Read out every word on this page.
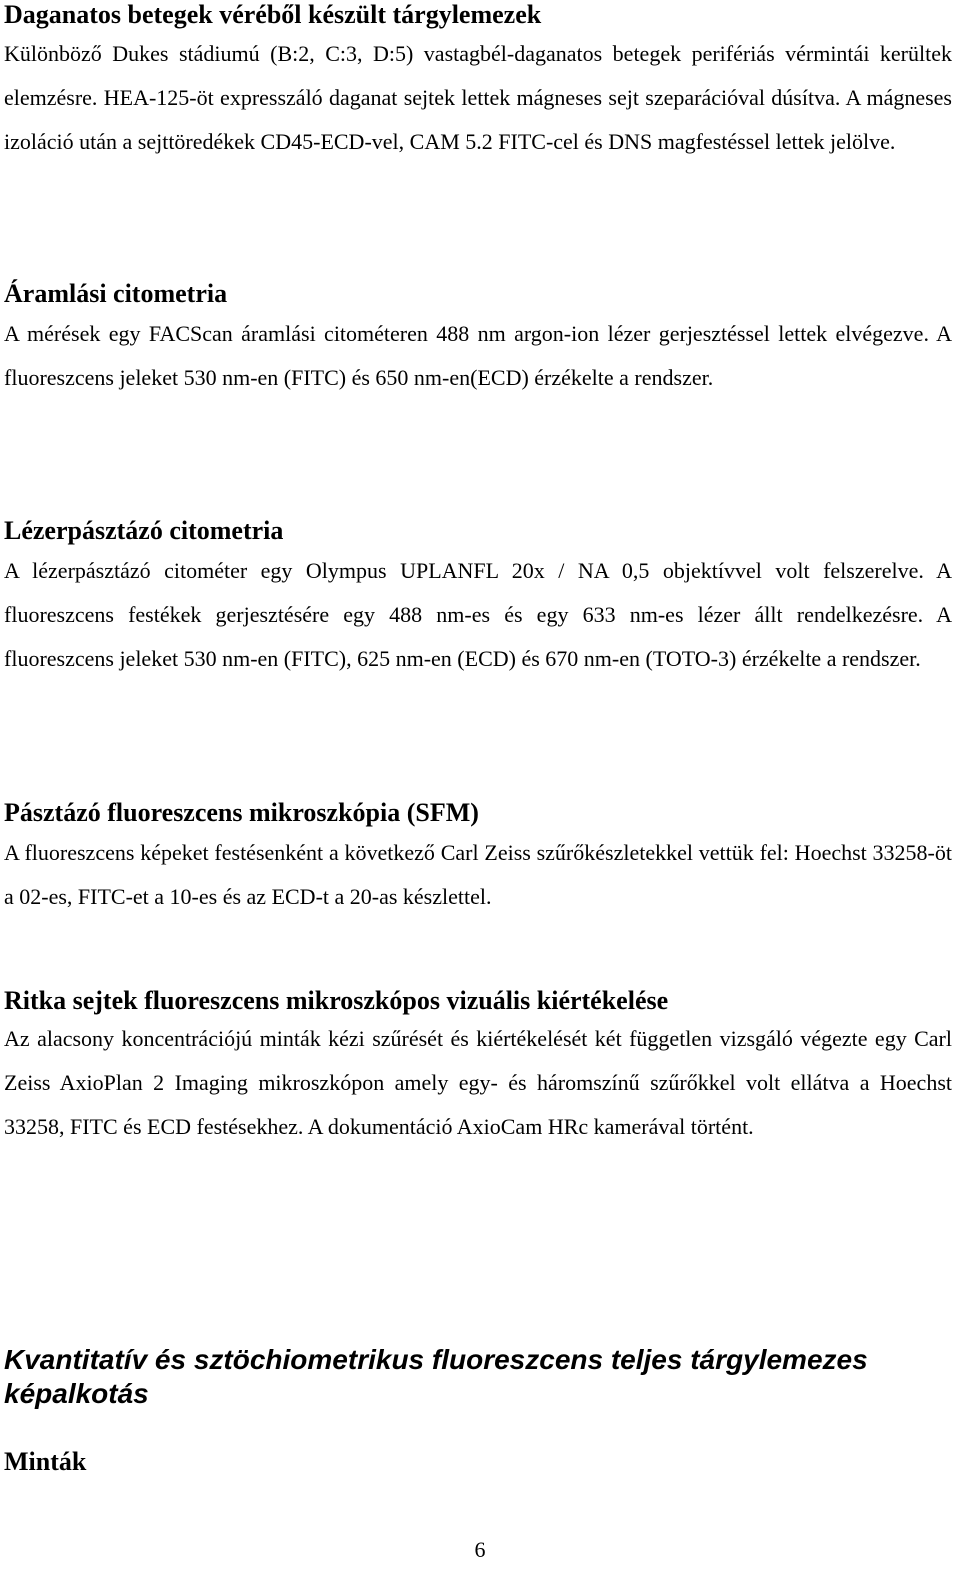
Daganatos betegek véréből készült tárgylemezek

Különböző Dukes stádiumú (B:2, C:3, D:5) vastagbél-daganatos betegek perifériás vérmintái kerültek elemzésre. HEA-125-öt expresszáló daganat sejtek lettek mágneses sejt szeparációval dúsítva. A mágneses izoláció után a sejttöredékek CD45-ECD-vel, CAM 5.2 FITC-cel és DNS magfestéssel lettek jelölve.

Áramlási citometria

A mérések egy FACScan áramlási citométeren 488 nm argon-ion lézer gerjesztéssel lettek elvégezve. A fluoreszcens jeleket 530 nm-en (FITC) és 650 nm-en(ECD) érzékelte a rendszer.

Lézerpásztázó citometria

A lézerpásztázó citométer egy Olympus UPLANFL 20x / NA 0,5 objektívvel volt felszerelve. A fluoreszcens festékek gerjesztésére egy 488 nm-es és egy 633 nm-es lézer állt rendelkezésre. A fluoreszcens jeleket 530 nm-en (FITC), 625 nm-en (ECD) és 670 nm-en (TOTO-3) érzékelte a rendszer.

Pásztázó fluoreszcens mikroszkópia (SFM)

A fluoreszcens képeket festésenként a következő Carl Zeiss szűrőkészletekkel vettük fel: Hoechst 33258-öt a 02-es, FITC-et a 10-es és az ECD-t a 20-as készlettel.

Ritka sejtek fluoreszcens mikroszkópos vizuális kiértékelése

Az alacsony koncentrációjú minták kézi szűrését és kiértékelését két független vizsgáló végezte egy Carl Zeiss AxioPlan 2 Imaging mikroszkópon amely egy- és háromszínű szűrőkkel volt ellátva a Hoechst 33258, FITC és ECD festésekhez. A dokumentáció AxioCam HRc kamerával történt.

Kvantitatív és sztöchiometrikus fluoreszcens teljes tárgylemezes képalkotás
Minták
6
